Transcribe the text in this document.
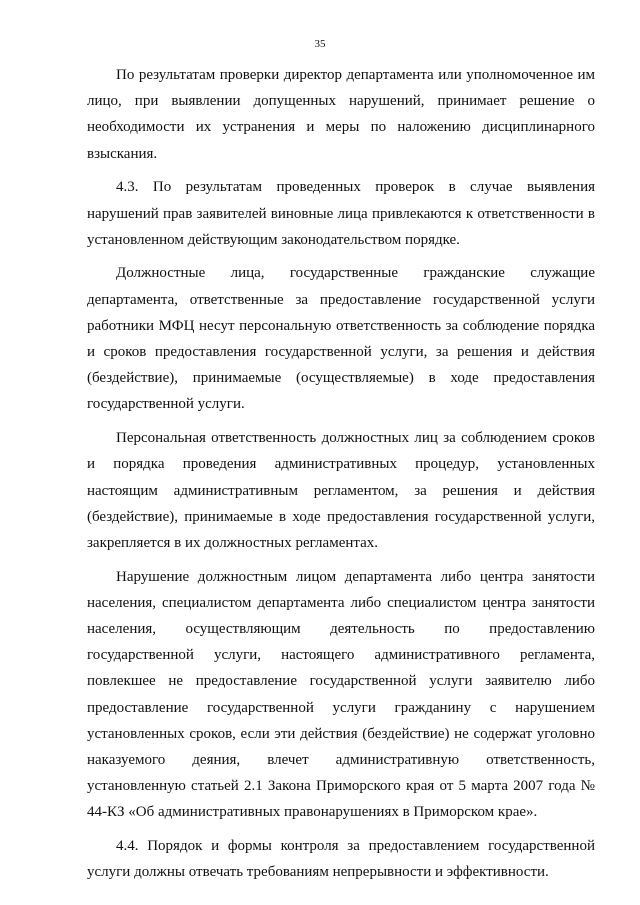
35

По результатам проверки директор департамента или уполномоченное им лицо, при выявлении допущенных нарушений, принимает решение о необходимости их устранения и меры по наложению дисциплинарного взыскания.

4.3. По результатам проведенных проверок в случае выявления нарушений прав заявителей виновные лица привлекаются к ответственности в установленном действующим законодательством порядке.

Должностные лица, государственные гражданские служащие департамента, ответственные за предоставление государственной услуги работники МФЦ несут персональную ответственность за соблюдение порядка и сроков предоставления государственной услуги, за решения и действия (бездействие), принимаемые (осуществляемые) в ходе предоставления государственной услуги.

Персональная ответственность должностных лиц за соблюдением сроков и порядка проведения административных процедур, установленных настоящим административным регламентом, за решения и действия (бездействие), принимаемые в ходе предоставления государственной услуги, закрепляется в их должностных регламентах.

Нарушение должностным лицом департамента либо центра занятости населения, специалистом департамента либо специалистом центра занятости населения, осуществляющим деятельность по предоставлению государственной услуги, настоящего административного регламента, повлекшее не предоставление государственной услуги заявителю либо предоставление государственной услуги гражданину с нарушением установленных сроков, если эти действия (бездействие) не содержат уголовно наказуемого деяния, влечет административную ответственность, установленную статьей 2.1 Закона Приморского края от 5 марта 2007 года № 44-КЗ «Об административных правонарушениях в Приморском крае».

4.4. Порядок и формы контроля за предоставлением государственной услуги должны отвечать требованиям непрерывности и эффективности.
